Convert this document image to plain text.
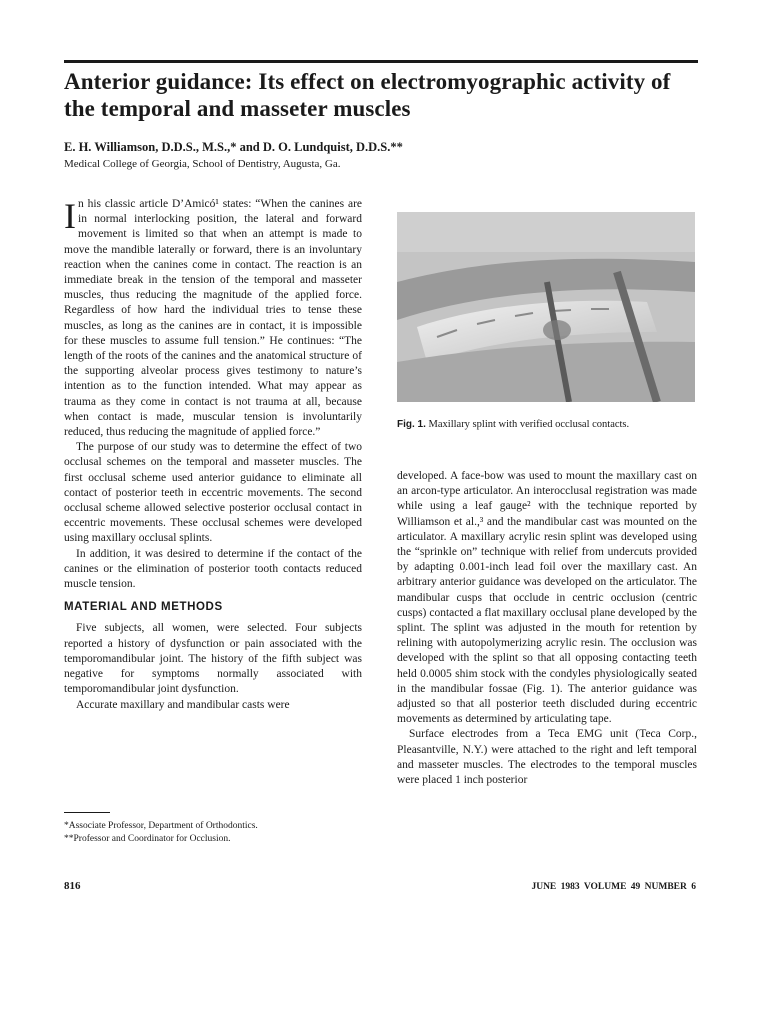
Anterior guidance: Its effect on electromyographic activity of the temporal and masseter muscles
E. H. Williamson, D.D.S., M.S.,* and D. O. Lundquist, D.D.S.**
Medical College of Georgia, School of Dentistry, Augusta, Ga.

In his classic article D’Amicó¹ states: “When the canines are in normal interlocking position, the lateral and forward movement is limited so that when an attempt is made to move the mandible laterally or forward, there is an involuntary reaction when the canines come in contact. The reaction is an immediate break in the tension of the temporal and masseter muscles, thus reducing the magnitude of the applied force. Regardless of how hard the individual tries to tense these muscles, as long as the canines are in contact, it is impossible for these muscles to assume full tension.” He continues: “The length of the roots of the canines and the anatomical structure of the supporting alveolar process gives testimony to nature’s intention as to the function intended. What may appear as trauma as they come in contact is not trauma at all, because when contact is made, muscular tension is involuntarily reduced, thus reducing the magnitude of applied force.”

The purpose of our study was to determine the effect of two occlusal schemes on the temporal and masseter muscles. The first occlusal scheme used anterior guidance to eliminate all contact of posterior teeth in eccentric movements. The second occlusal scheme allowed selective posterior occlusal contact in eccentric movements. These occlusal schemes were developed using maxillary occlusal splints.

In addition, it was desired to determine if the contact of the canines or the elimination of posterior tooth contacts reduced muscle tension.

MATERIAL AND METHODS

Five subjects, all women, were selected. Four subjects reported a history of dysfunction or pain associated with the temporomandibular joint. The history of the fifth subject was negative for symptoms normally associated with temporomandibular joint dysfunction.

Accurate maxillary and mandibular casts were

Fig. 1. Maxillary splint with verified occlusal contacts.

developed. A face-bow was used to mount the maxillary cast on an arcon-type articulator. An interocclusal registration was made while using a leaf gauge² with the technique reported by Williamson et al.,³ and the mandibular cast was mounted on the articulator. A maxillary acrylic resin splint was developed using the “sprinkle on” technique with relief from undercuts provided by adapting 0.001-inch lead foil over the maxillary cast. An arbitrary anterior guidance was developed on the articulator. The mandibular cusps that occlude in centric occlusion (centric cusps) contacted a flat maxillary occlusal plane developed by the splint. The splint was adjusted in the mouth for retention by relining with autopolymerizing acrylic resin. The occlusion was developed with the splint so that all opposing contacting teeth held 0.0005 shim stock with the condyles physiologically seated in the mandibular fossae (Fig. 1). The anterior guidance was adjusted so that all posterior teeth discluded during eccentric movements as determined by articulating tape.

Surface electrodes from a Teca EMG unit (Teca Corp., Pleasantville, N.Y.) were attached to the right and left temporal and masseter muscles. The electrodes to the temporal muscles were placed 1 inch posterior

*Associate Professor, Department of Orthodontics.
**Professor and Coordinator for Occlusion.
816	JUNE 1983 VOLUME 49 NUMBER 6
